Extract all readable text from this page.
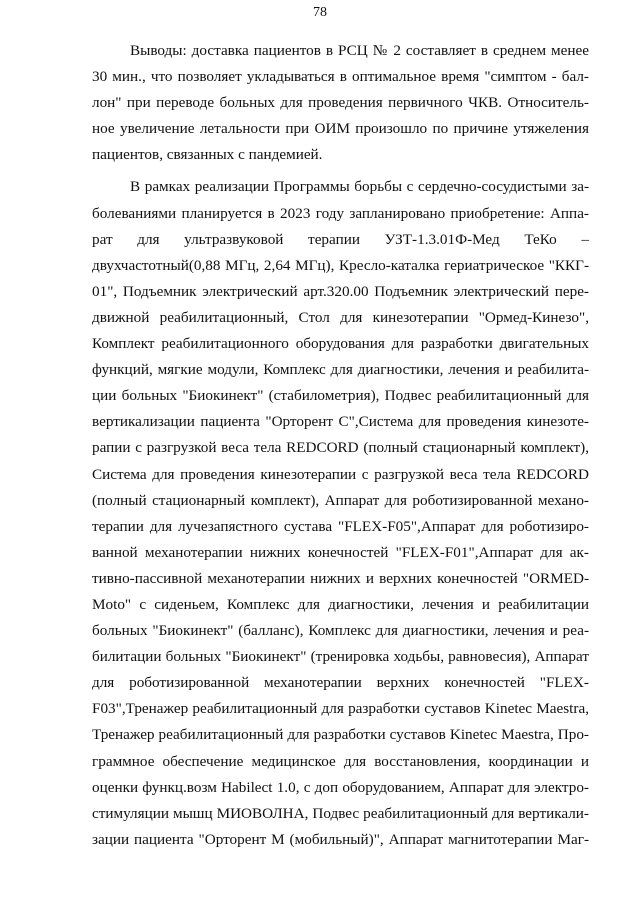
78
Выводы: доставка пациентов в РСЦ № 2 составляет в среднем менее
30 мин., что позволяет укладываться в оптимальное время "симптом - бал-
лон" при переводе больных для проведения первичного ЧКВ. Относитель-
ное увеличение летальности при ОИМ произошло по причине утяжеления
пациентов, связанных с пандемией.
В рамках реализации Программы борьбы с сердечно-сосудистыми за-
болеваниями планируется в 2023 году запланировано приобретение: Аппа-
рат для ультразвуковой терапии УЗТ-1.3.01Ф-Мед ТеКо –
двухчастотный(0,88 МГц, 2,64 МГц), Кресло-каталка гериатрическое "ККГ-
01", Подъемник электрический арт.320.00 Подъемник электрический пере-
движной реабилитационный, Стол для кинезотерапии "Ормед-Кинезо",
Комплект реабилитационного оборудования для разработки двигательных
функций, мягкие модули, Комплекс для диагностики, лечения и реабилита-
ции больных "Биокинект" (стабилометрия), Подвес реабилитационный для
вертикализации пациента "Орторент С",Система для проведения кинезоте-
рапии с разгрузкой веса тела REDCORD (полный стационарный комплект),
Система для проведения кинезотерапии с разгрузкой веса тела REDCORD
(полный стационарный комплект), Аппарат для роботизированной механо-
терапии для лучезапястного сустава "FLEX-F05",Аппарат для роботизиро-
ванной механотерапии нижних конечностей "FLEX-F01",Аппарат для ак-
тивно-пассивной механотерапии нижних и верхних конечностей "ORMED-
Moto" с сиденьем, Комплекс для диагностики, лечения и реабилитации
больных "Биокинект" (балланс), Комплекс для диагностики, лечения и реа-
билитации больных "Биокинект" (тренировка ходьбы, равновесия), Аппарат
для роботизированной механотерапии верхних конечностей "FLEX-
F03",Тренажер реабилитационный для разработки суставов Kinetec Maestra,
Тренажер реабилитационный для разработки суставов Kinetec Maestra, Про-
граммное обеспечение медицинское для восстановления, координации и
оценки функц.возм Habilect 1.0, с доп оборудованием, Аппарат для электро-
стимуляции мышц МИОВОЛНА, Подвес реабилитационный для вертикали-
зации пациента "Орторент М (мобильный)", Аппарат магнитотерапии Маг-
